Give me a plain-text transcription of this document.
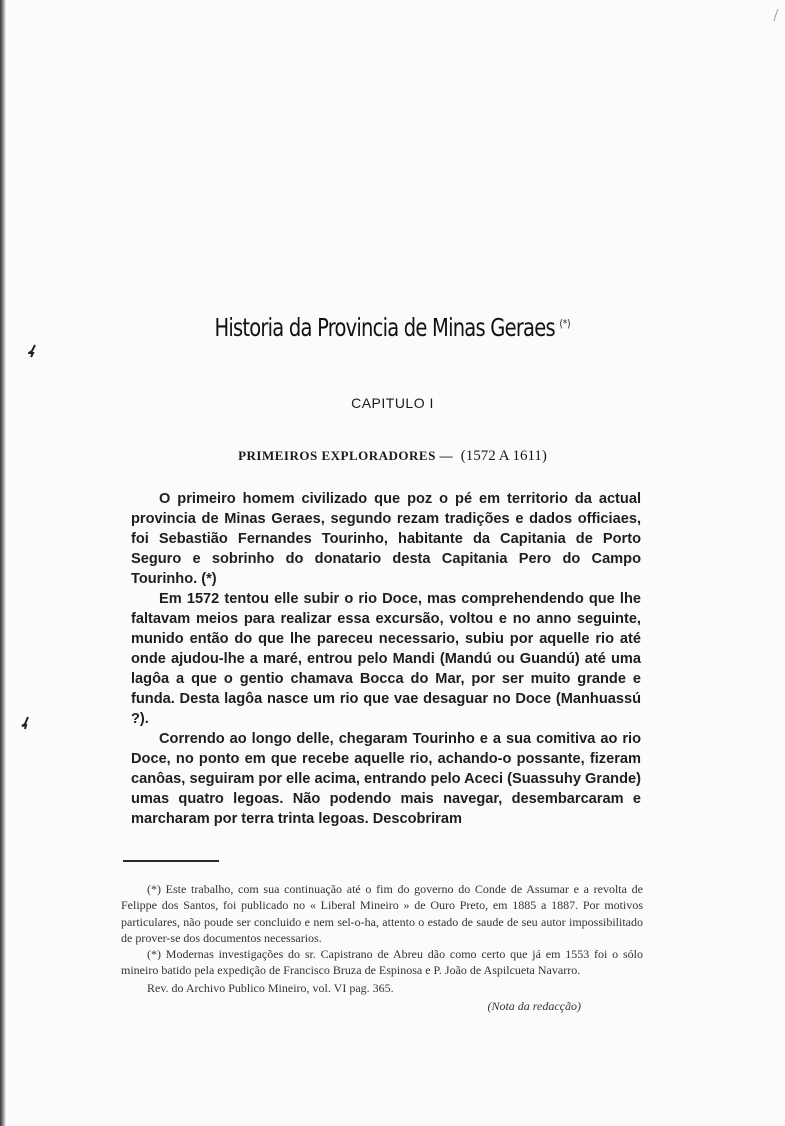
Historia da Provincia de Minas Geraes (*)
CAPITULO I
PRIMEIROS EXPLORADORES — (1572 A 1611)

O primeiro homem civilizado que poz o pé em territorio da actual provincia de Minas Geraes, segundo rezam tradições e dados officiaes, foi Sebastião Fernandes Tourinho, habitante da Capitania de Porto Seguro e sobrinho do donatario desta Capitania Pero do Campo Tourinho. (*)

Em 1572 tentou elle subir o rio Doce, mas comprehendendo que lhe faltavam meios para realizar essa excursão, voltou e no anno seguinte, munido então do que lhe pareceu necessario, subiu por aquelle rio até onde ajudou-lhe a maré, entrou pelo Mandi (Mandú ou Guandú) até uma lagôa a que o gentio chamava Bocca do Mar, por ser muito grande e funda. Desta lagôa nasce um rio que vae desaguar no Doce (Manhuassú ?).

Correndo ao longo delle, chegaram Tourinho e a sua comitiva ao rio Doce, no ponto em que recebe aquelle rio, achando-o possante, fizeram canôas, seguiram por elle acima, entrando pelo Aceci (Suassuhy Grande) umas quatro legoas. Não podendo mais navegar, desembarcaram e marcharam por terra trinta legoas. Descobriram

(*) Este trabalho, com sua continuação até o fim do governo do Conde de Assumar e a revolta de Felippe dos Santos, foi publicado no « Liberal Mineiro » de Ouro Preto, em 1885 a 1887. Por motivos particulares, não poude ser concluido e nem sel-o-ha, attento o estado de saude de seu autor impossibilitado de prover-se dos documentos necessarios.

(*) Modernas investigações do sr. Capistrano de Abreu dão como certo que já em 1553 foi o sólo mineiro batido pela expedição de Francisco Bruza de Espinosa e P. João de Aspilcueta Navarro.

Rev. do Archivo Publico Mineiro, vol. VI pag. 365.

(Nota da redacção)
